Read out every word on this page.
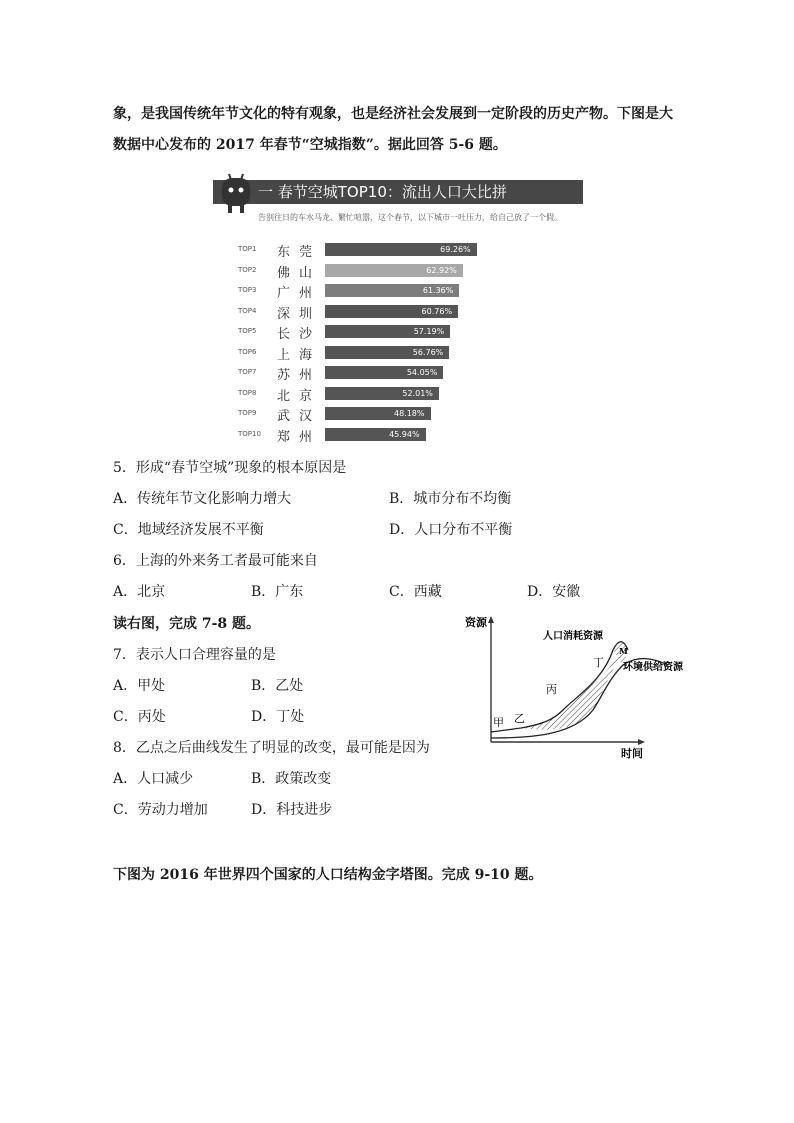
象，是我国传统年节文化的特有观象，也是经济社会发展到一定阶段的历史产物。下图是大
数据中心发布的 2017 年春节“空城指数”。据此回答 5-6 题。
一 春节空城TOP10：流出人口大比拼
告别往日的车水马龙、繁忙喧嚣，这个春节，以下城市一吐压力，给自己放了一个假。
TOP1 东莞	69.26%
TOP2 佛山	62.92%
TOP3 广州	61.36%
TOP4 深圳	60.76%
TOP5 长沙	57.19%
TOP6 上海	56.76%
TOP7 苏州	54.05%
TOP8 北京	52.01%
TOP9 武汉	48.18%
TOP10 郑州	45.94%
5．形成“春节空城”现象的根本原因是
A．传统年节文化影响力增大	B．城市分布不均衡
C．地域经济发展不平衡	D．人口分布不平衡
6．上海的外来务工者最可能来自
A．北京	B．广东	C．西藏	D．安徽
读右图，完成 7-8 题。
7．表示人口合理容量的是
A．甲处	B．乙处
C．丙处	D．丁处
8．乙点之后曲线发生了明显的改变，最可能是因为
A．人口减少	B．政策改变
C．劳动力增加	D．科技进步
资源
时间
人口消耗资源
环境供给资源
M
甲 乙
丙
丁
下图为 2016 年世界四个国家的人口结构金字塔图。完成 9-10 题。
